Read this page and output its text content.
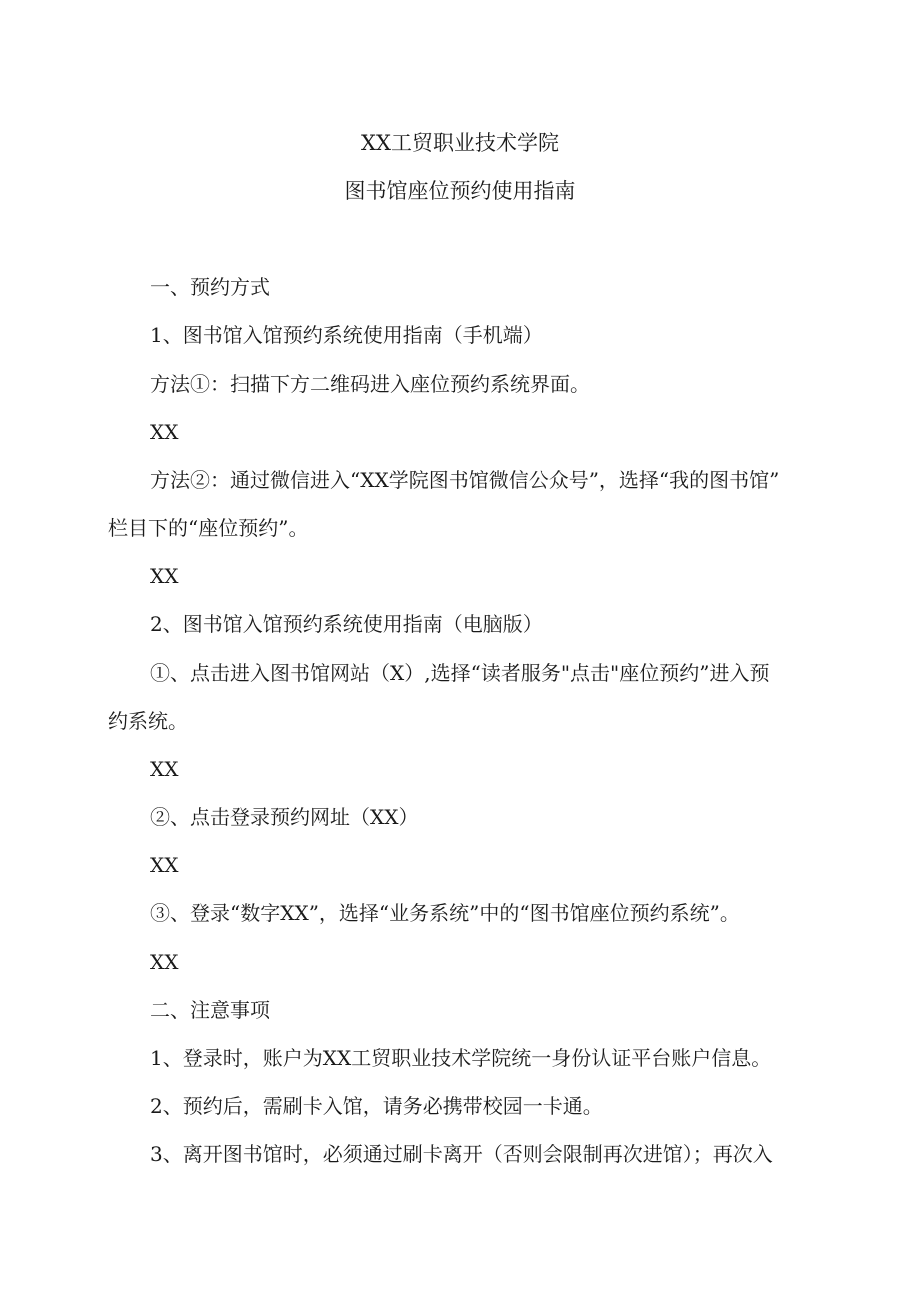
XX工贸职业技术学院
图书馆座位预约使用指南
一、预约方式
1、图书馆入馆预约系统使用指南（手机端）
方法①：扫描下方二维码进入座位预约系统界面。
XX
方法②：通过微信进入“XX学院图书馆微信公众号”，选择“我的图书馆”
栏目下的“座位预约”。
XX
2、图书馆入馆预约系统使用指南（电脑版）
①、点击进入图书馆网站（X）,选择“读者服务"点击"座位预约”进入预
约系统。
XX
②、点击登录预约网址（XX）
XX
③、登录“数字XX”，选择“业务系统”中的“图书馆座位预约系统”。
XX
二、注意事项
1、登录时，账户为XX工贸职业技术学院统一身份认证平台账户信息。
2、预约后，需刷卡入馆，请务必携带校园一卡通。
3、离开图书馆时，必须通过刷卡离开（否则会限制再次进馆）；再次入
